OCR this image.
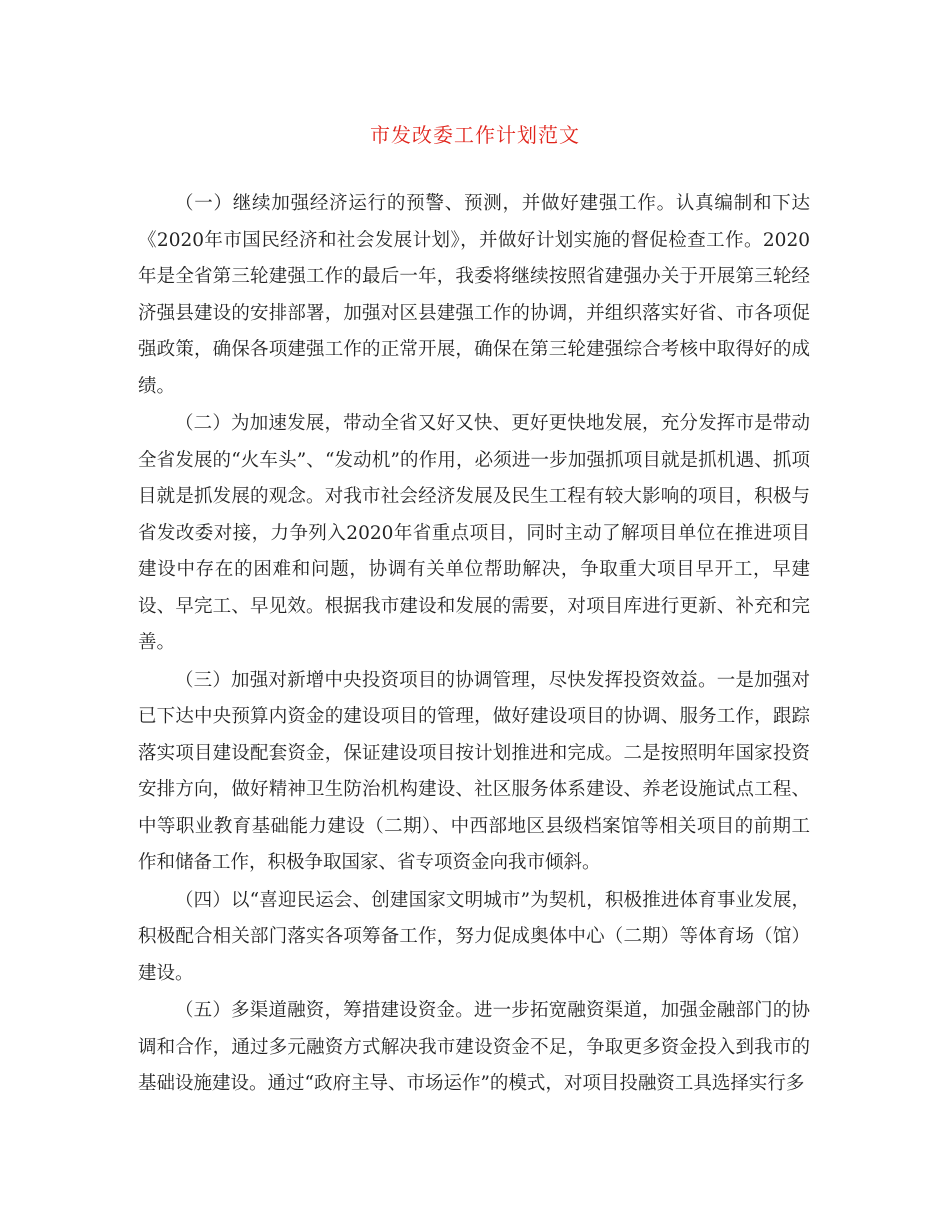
市发改委工作计划范文

（一）继续加强经济运行的预警、预测，并做好建强工作。认真编制和下达《2020年市国民经济和社会发展计划》，并做好计划实施的督促检查工作。2020年是全省第三轮建强工作的最后一年，我委将继续按照省建强办关于开展第三轮经济强县建设的安排部署，加强对区县建强工作的协调，并组织落实好省、市各项促强政策，确保各项建强工作的正常开展，确保在第三轮建强综合考核中取得好的成绩。

（二）为加速发展，带动全省又好又快、更好更快地发展，充分发挥市是带动全省发展的“火车头”、“发动机”的作用，必须进一步加强抓项目就是抓机遇、抓项目就是抓发展的观念。对我市社会经济发展及民生工程有较大影响的项目，积极与省发改委对接，力争列入2020年省重点项目，同时主动了解项目单位在推进项目建设中存在的困难和问题，协调有关单位帮助解决，争取重大项目早开工，早建设、早完工、早见效。根据我市建设和发展的需要，对项目库进行更新、补充和完善。

（三）加强对新增中央投资项目的协调管理，尽快发挥投资效益。一是加强对已下达中央预算内资金的建设项目的管理，做好建设项目的协调、服务工作，跟踪落实项目建设配套资金，保证建设项目按计划推进和完成。二是按照明年国家投资安排方向，做好精神卫生防治机构建设、社区服务体系建设、养老设施试点工程、中等职业教育基础能力建设（二期）、中西部地区县级档案馆等相关项目的前期工作和储备工作，积极争取国家、省专项资金向我市倾斜。

（四）以“喜迎民运会、创建国家文明城市”为契机，积极推进体育事业发展，积极配合相关部门落实各项筹备工作，努力促成奥体中心（二期）等体育场（馆）建设。

（五）多渠道融资，筹措建设资金。进一步拓宽融资渠道，加强金融部门的协调和合作，通过多元融资方式解决我市建设资金不足，争取更多资金投入到我市的基础设施建设。通过“政府主导、市场运作”的模式，对项目投融资工具选择实行多
